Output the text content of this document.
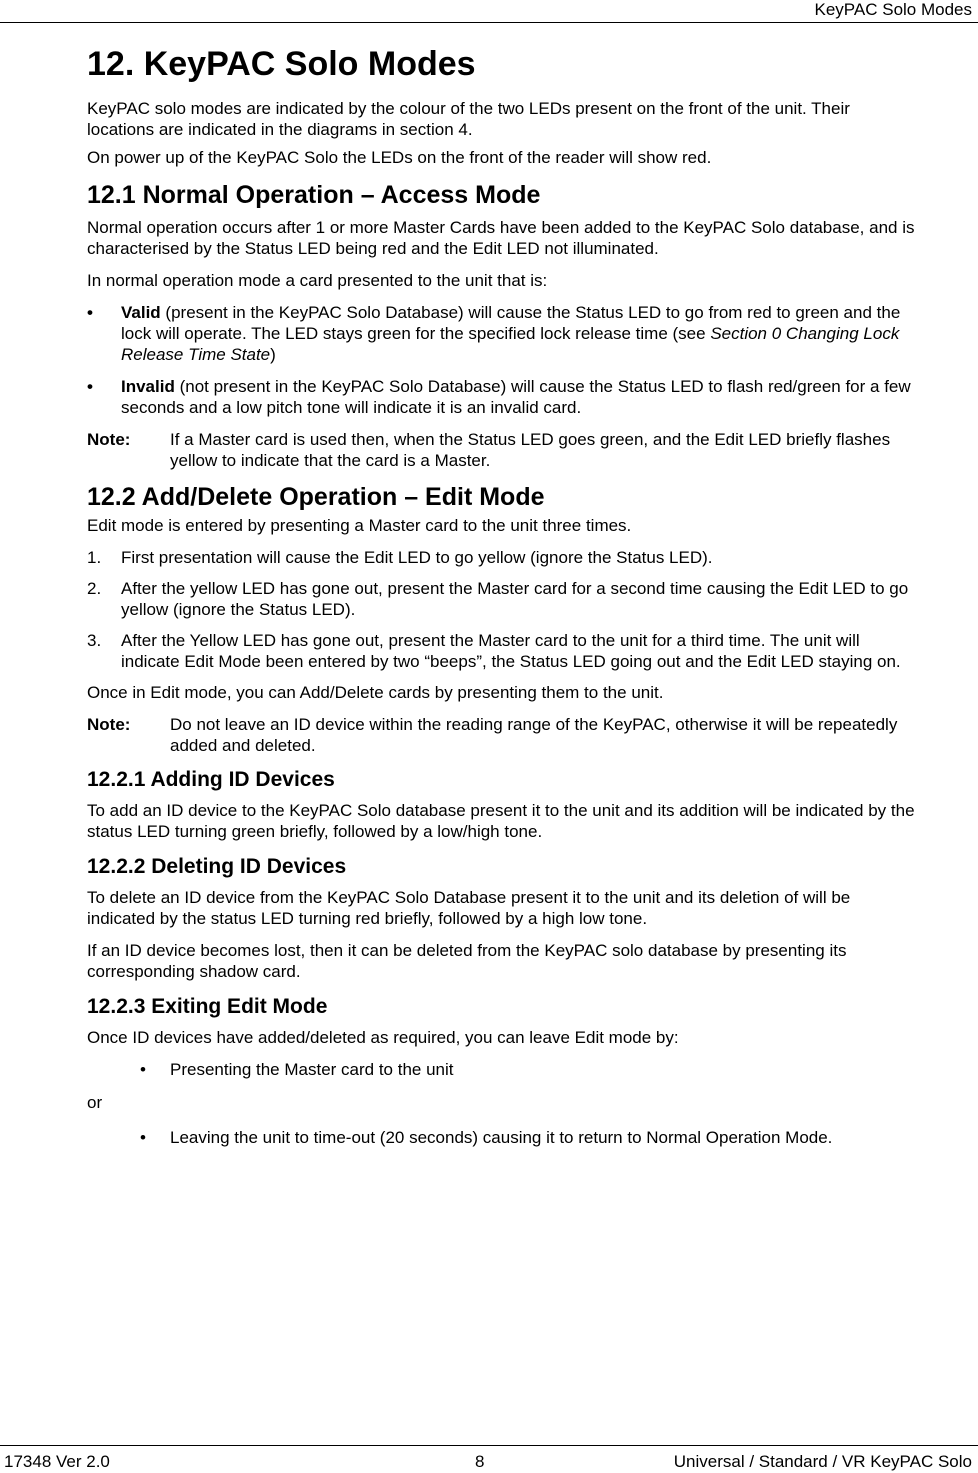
KeyPAC Solo Modes
12. KeyPAC Solo Modes

KeyPAC solo modes are indicated by the colour of the two LEDs present on the front of the unit. Their locations are indicated in the diagrams in section 4.

On power up of the KeyPAC Solo the LEDs on the front of the reader will show red.

12.1 Normal Operation – Access Mode

Normal operation occurs after 1 or more Master Cards have been added to the KeyPAC Solo database, and is characterised by the Status LED being red and the Edit LED not illuminated.

In normal operation mode a card presented to the unit that is:

• Valid (present in the KeyPAC Solo Database) will cause the Status LED to go from red to green and the lock will operate. The LED stays green for the specified lock release time (see Section 0 Changing Lock Release Time State)
• Invalid (not present in the KeyPAC Solo Database) will cause the Status LED to flash red/green for a few seconds and a low pitch tone will indicate it is an invalid card.
Note: If a Master card is used then, when the Status LED goes green, and the Edit LED briefly flashes yellow to indicate that the card is a Master.
12.2 Add/Delete Operation – Edit Mode

Edit mode is entered by presenting a Master card to the unit three times.

1. First presentation will cause the Edit LED to go yellow (ignore the Status LED).
2. After the yellow LED has gone out, present the Master card for a second time causing the Edit LED to go yellow (ignore the Status LED).
3. After the Yellow LED has gone out, present the Master card to the unit for a third time. The unit will indicate Edit Mode been entered by two “beeps”, the Status LED going out and the Edit LED staying on.

Once in Edit mode, you can Add/Delete cards by presenting them to the unit.

Note: Do not leave an ID device within the reading range of the KeyPAC, otherwise it will be repeatedly added and deleted.
12.2.1 Adding ID Devices

To add an ID device to the KeyPAC Solo database present it to the unit and its addition will be indicated by the status LED turning green briefly, followed by a low/high tone.

12.2.2 Deleting ID Devices

To delete an ID device from the KeyPAC Solo Database present it to the unit and its deletion of will be indicated by the status LED turning red briefly, followed by a high low tone.

If an ID device becomes lost, then it can be deleted from the KeyPAC solo database by presenting its corresponding shadow card.

12.2.3 Exiting Edit Mode

Once ID devices have added/deleted as required, you can leave Edit mode by:

• Presenting the Master card to the unit

or

• Leaving the unit to time-out (20 seconds) causing it to return to Normal Operation Mode.
17348 Ver 2.0	8	Universal / Standard / VR KeyPAC Solo
